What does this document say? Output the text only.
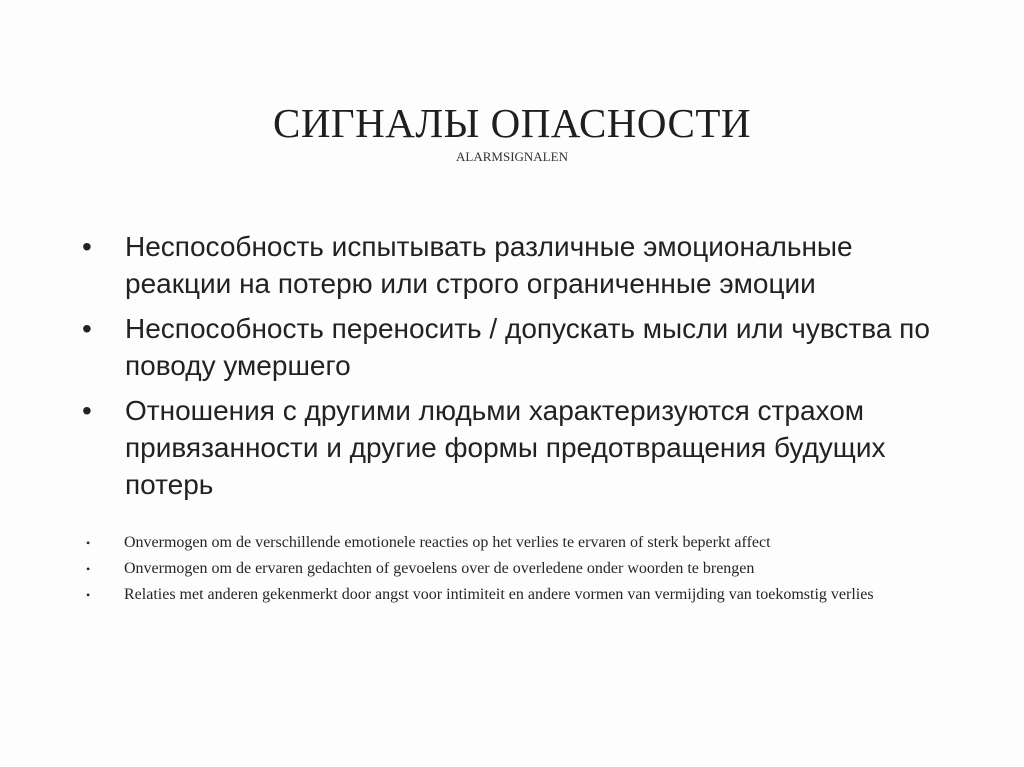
СИГНАЛЫ ОПАСНОСТИ
ALARMSIGNALEN
• Неспособность испытывать различные эмоциональные реакции на потерю или строго ограниченные эмоции
• Неспособность переносить / допускать мысли или чувства по поводу умершего
• Отношения с другими людьми характеризуются страхом привязанности и другие формы предотвращения будущих потерь
• Onvermogen om de verschillende emotionele reacties op het verlies te ervaren of sterk beperkt affect
• Onvermogen om de ervaren gedachten of gevoelens over de overledene onder woorden te brengen
• Relaties met anderen gekenmerkt door angst voor intimiteit en andere vormen van vermijding van toekomstig verlies
